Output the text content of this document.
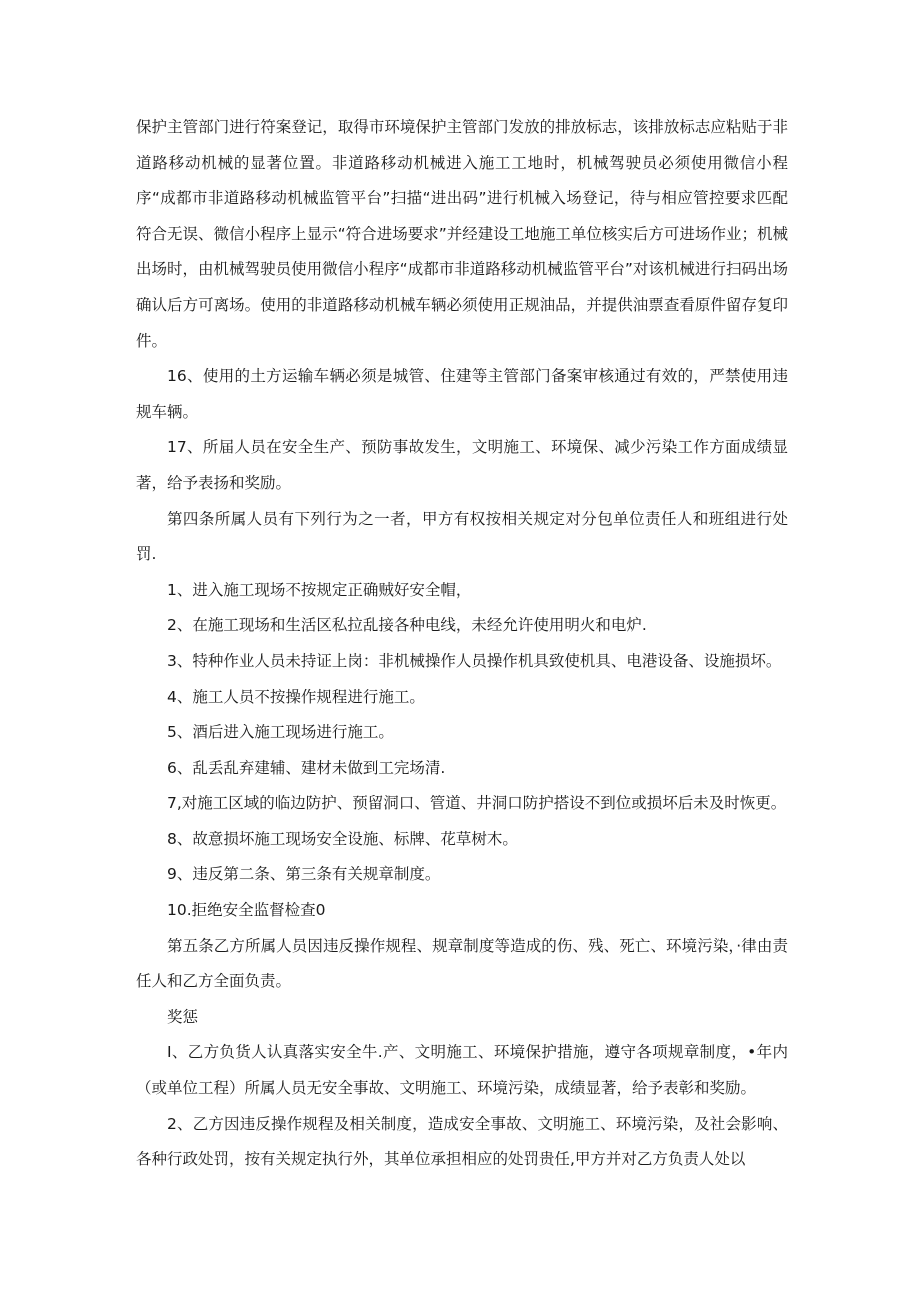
保护主管部门进行符案登记，取得市环境保护主管部门发放的排放标志，该排放标志应粘贴于非道路移动机械的显著位置。非道路移动机械进入施工工地时，机械驾驶员必须使用微信小程序“成都市非道路移动机械监管平台”扫描“进出码”进行机械入场登记，待与相应管控要求匹配符合无误、微信小程序上显示“符合进场要求”并经建设工地施工单位核实后方可进场作业；机械出场时，由机械驾驶员使用微信小程序“成都市非道路移动机械监管平台”对该机械进行扫码出场确认后方可离场。使用的非道路移动机械车辆必须使用正规油品，并提供油票查看原件留存复印件。

16、使用的土方运输车辆必须是城管、住建等主管部门备案审核通过有效的，严禁使用违规车辆。

17、所届人员在安全生产、预防事故发生，文明施工、环境保、减少污染工作方面成绩显著，给予表扬和奖励。

第四条所属人员有下列行为之一者，甲方有权按相关规定对分包单位责任人和班组进行处罚.

1、进入施工现场不按规定正确贼好安全帽，

2、在施工现场和生活区私拉乱接各种电线，未经允许使用明火和电炉.

3、特种作业人员未持证上岗：非机械操作人员操作机具致使机具、电港设备、设施损坏。

4、施工人员不按操作规程进行施工。

5、酒后进入施工现场进行施工。

6、乱丢乱弃建辅、建材未做到工完场清.

7,对施工区域的临边防护、预留洞口、管道、井洞口防护搭设不到位或损坏后未及时恢更。

8、故意损坏施工现场安全设施、标牌、花草树木。

9、违反第二条、第三条有关规章制度。

10.拒绝安全监督检查0

第五条乙方所属人员因违反操作规程、规章制度等造成的伤、残、死亡、环境污染，·律由责任人和乙方全面负责。

奖惩

I、乙方负货人认真落实安全牛.产、文明施工、环境保护措施，遵守各项规章制度，•年内（或单位工程）所属人员无安全事故、文明施工、环境污染，成绩显著，给予表彰和奖励。

2、乙方因违反操作规程及相关制度，造成安全事故、文明施工、环境污染，及社会影响、各种行政处罚，按有关规定执行外，其单位承担相应的处罚贵任,甲方并对乙方负责人处以
